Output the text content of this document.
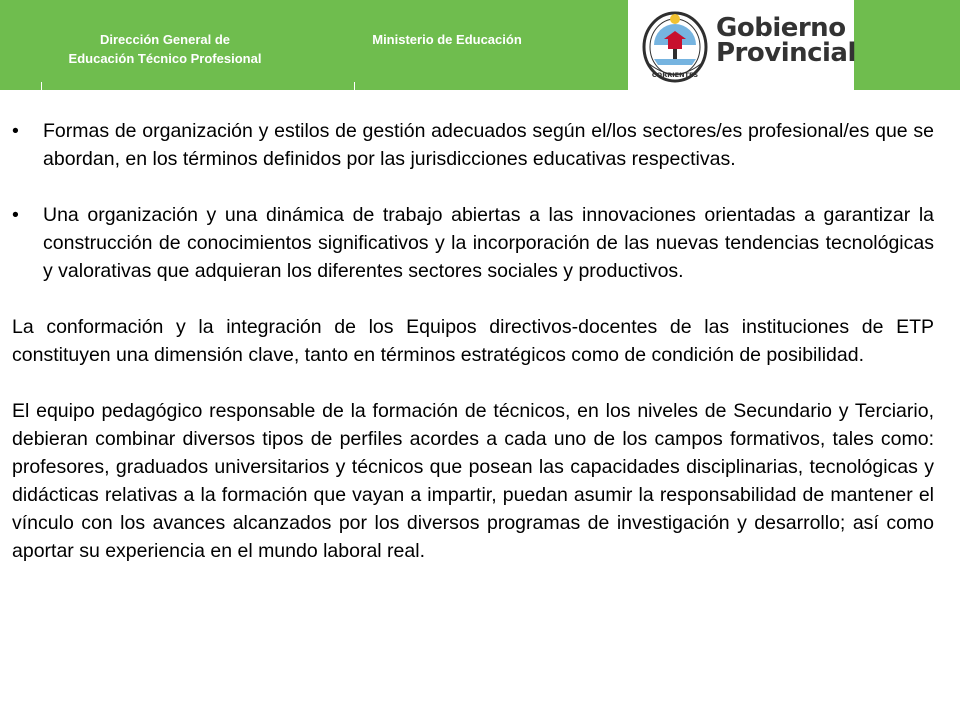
Dirección General de
Educación Técnico Profesional
Ministerio de Educación
CORRIENTES
Gobierno
Provincial
• Formas de organización y estilos de gestión adecuados según el/los sectores/es profesional/es que se abordan, en los términos definidos por las jurisdicciones educativas respectivas.
• Una organización y una dinámica de trabajo abiertas a las innovaciones orientadas a garantizar la construcción de conocimientos significativos y la incorporación de las nuevas tendencias tecnológicas y valorativas que adquieran los diferentes sectores sociales y productivos.

La conformación y la integración de los Equipos directivos-docentes de las instituciones de ETP constituyen una dimensión clave, tanto en términos estratégicos como de condición de posibilidad.

El equipo pedagógico responsable de la formación de técnicos, en los niveles de Secundario y Terciario, debieran combinar diversos tipos de perfiles acordes a cada uno de los campos formativos, tales como: profesores, graduados universitarios y técnicos que posean las capacidades disciplinarias, tecnológicas y didácticas relativas a la formación que vayan a impartir, puedan asumir la responsabilidad de mantener el vínculo con los avances alcanzados por los diversos programas de investigación y desarrollo; así como aportar su experiencia en el mundo laboral real.
